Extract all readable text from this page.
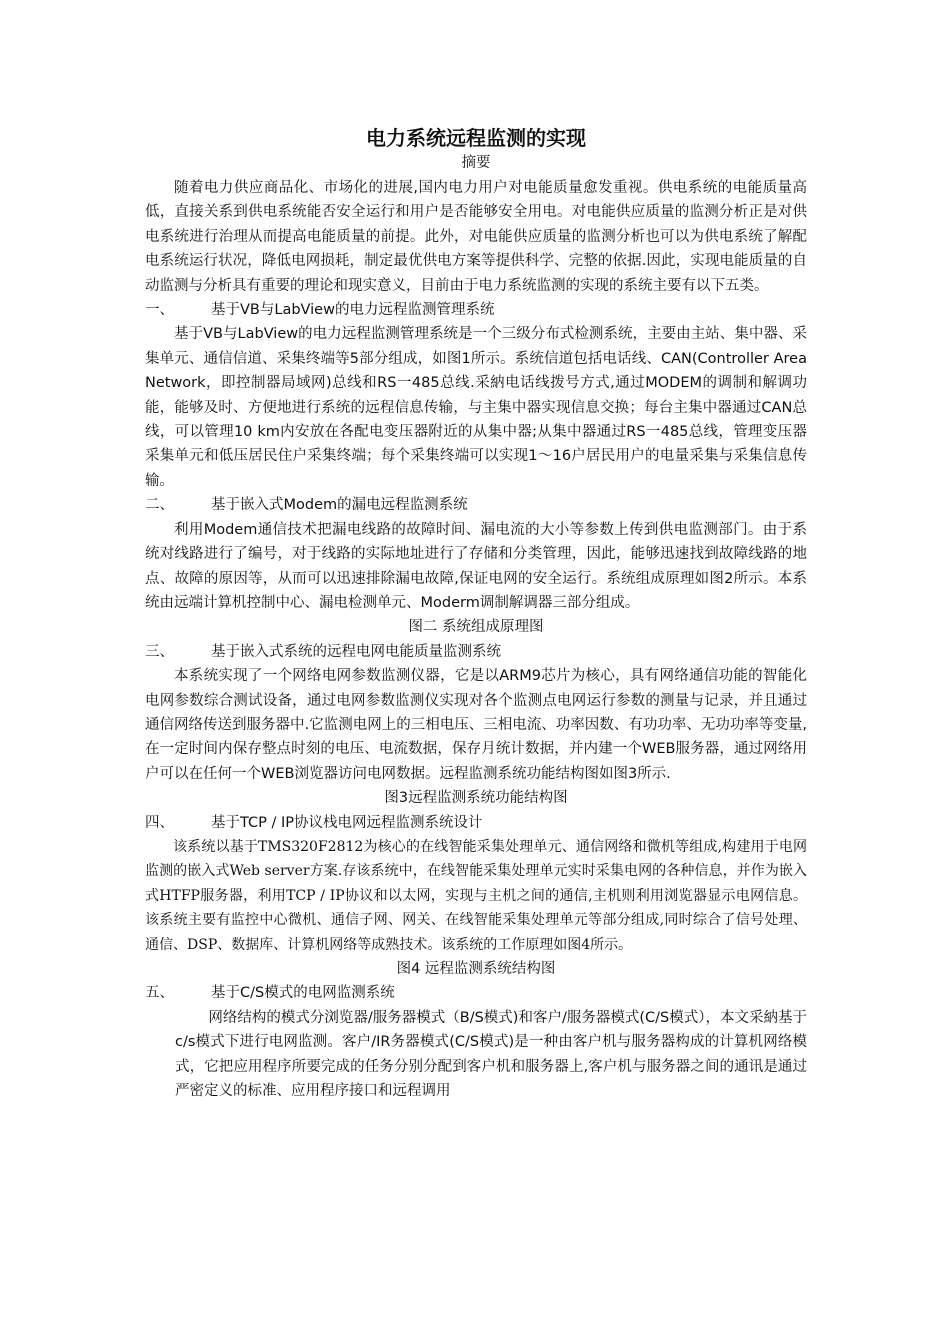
电力系统远程监测的实现
摘要

随着电力供应商品化、市场化的进展,国内电力用户对电能质量愈发重视。供电系统的电能质量高低，直接关系到供电系统能否安全运行和用户是否能够安全用电。对电能供应质量的监测分析正是对供电系统进行治理从而提高电能质量的前提。此外，对电能供应质量的监测分析也可以为供电系统了解配电系统运行状况，降低电网损耗，制定最优供电方案等提供科学、完整的依据.因此，实现电能质量的自动监测与分析具有重要的理论和现实意义，目前由于电力系统监测的实现的系统主要有以下五类。

一、	基于VB与LabView的电力远程监测管理系统

基于VB与LabView的电力远程监测管理系统是一个三级分布式检测系统，主要由主站、集中器、采集单元、通信信道、采集终端等5部分组成，如图1所示。系统信道包括电话线、CAN(Controller Area Network，即控制器局域网)总线和RS一485总线.采納电话线拨号方式,通过MODEM的调制和解调功能，能够及时、方便地进行系统的远程信息传输，与主集中器实现信息交换；每台主集中器通过CAN总线，可以管理10 km内安放在各配电变压器附近的从集中器;从集中器通过RS一485总线，管理变压器采集单元和低压居民住户采集终端；每个采集终端可以实现1～16户居民用户的电量采集与采集信息传输。

二、	基于嵌入式Modem的漏电远程监测系统

利用Modem通信技术把漏电线路的故障时间、漏电流的大小等参数上传到供电监测部门。由于系统对线路进行了编号，对于线路的实际地址进行了存储和分类管理，因此，能够迅速找到故障线路的地点、故障的原因等，从而可以迅速排除漏电故障,保证电网的安全运行。系统组成原理如图2所示。本系统由远端计算机控制中心、漏电检测单元、Moderm调制解调器三部分组成。

图二 系统组成原理图
三、	基于嵌入式系统的远程电网电能质量监测系统

本系统实现了一个网络电网参数监测仪器，它是以ARM9芯片为核心，具有网络通信功能的智能化电网参数综合测试设备，通过电网参数监测仪实现对各个监测点电网运行参数的测量与记录，并且通过通信网络传送到服务器中.它监测电网上的三相电压、三相电流、功率因数、有功功率、无功功率等变量,在一定时间内保存整点时刻的电压、电流数据，保存月统计数据，并内建一个WEB服务器，通过网络用户可以在任何一个WEB浏览器访问电网数据。远程监测系统功能结构图如图3所示.

图3远程监测系统功能结构图
四、	基于TCP / IP协议栈电网远程监测系统设计

该系统以基于TMS320F2812为核心的在线智能采集处理单元、通信网络和微机等组成,构建用于电网监测的嵌入式Web server方案.存该系统中，在线智能采集处理单元实时采集电网的各种信息，并作为嵌入式HTFP服务器，利用TCP / IP协议和以太网，实现与主机之间的通信,主机则利用浏览器显示电网信息。该系统主要有监控中心微机、通信子网、网关、在线智能采集处理单元等部分组成,同时综合了信号处理、通信、DSP、数据库、计算机网络等成熟技术。该系统的工作原理如图4所示。

图4 远程监测系统结构图
五、	基于C/S模式的电网监测系统

网络结构的模式分浏览器/服务器模式（B/S模式)和客户/服务器模式(C/S模式），本文采納基于c/s模式下进行电网监测。客户/IR务器模式(C/S模式)是一种由客户机与服务器构成的计算机网络模式，它把应用程序所要完成的任务分别分配到客户机和服务器上,客户机与服务器之间的通讯是通过严密定义的标准、应用程序接口和远程调用
